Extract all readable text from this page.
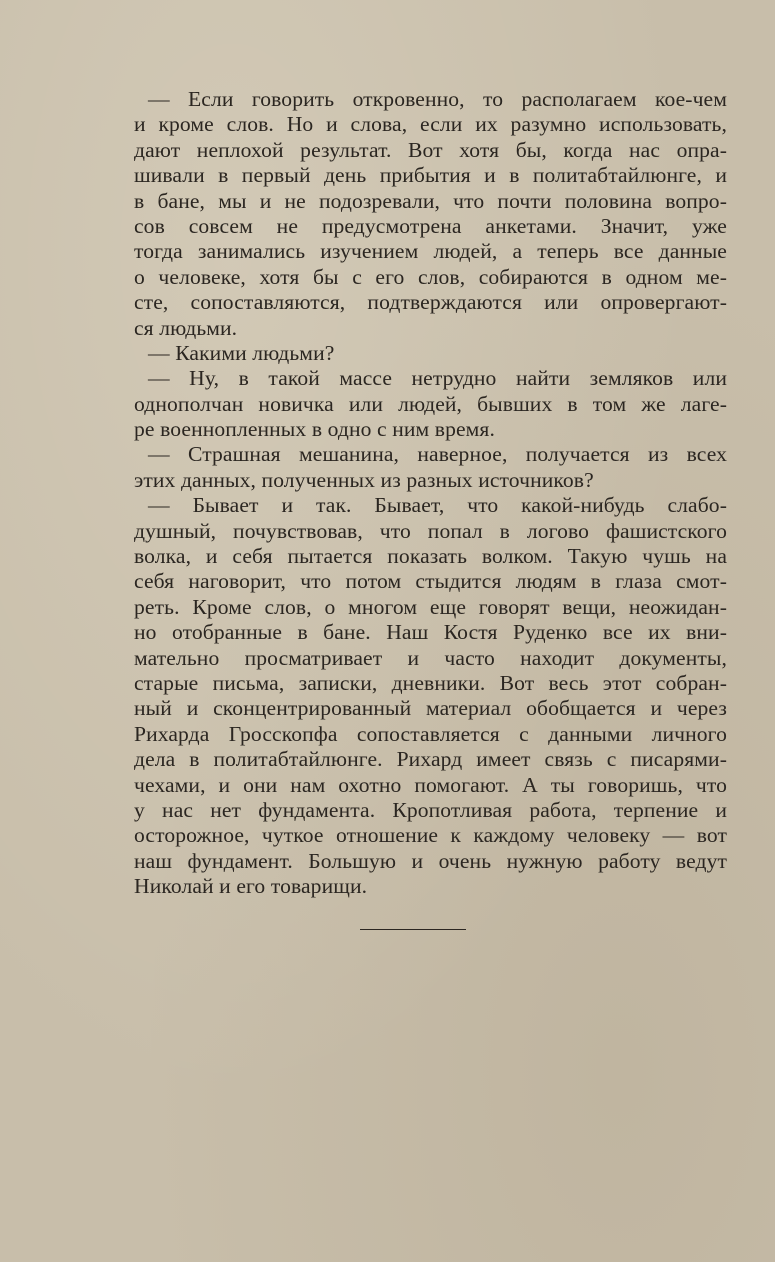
— Если говорить откровенно, то располагаем кое-чем
и кроме слов. Но и слова, если их разумно использовать,
дают неплохой результат. Вот хотя бы, когда нас опра-
шивали в первый день прибытия и в политабтайлюнге, и
в бане, мы и не подозревали, что почти половина вопро-
сов совсем не предусмотрена анкетами. Значит, уже
тогда занимались изучением людей, а теперь все данные
о человеке, хотя бы с его слов, собираются в одном ме-
сте, сопоставляются, подтверждаются или опровергают-
ся людьми.
— Какими людьми?
— Ну, в такой массе нетрудно найти земляков или
однополчан новичка или людей, бывших в том же лаге-
ре военнопленных в одно с ним время.
— Страшная мешанина, наверное, получается из всех
этих данных, полученных из разных источников?
— Бывает и так. Бывает, что какой-нибудь слабо-
душный, почувствовав, что попал в логово фашистского
волка, и себя пытается показать волком. Такую чушь на
себя наговорит, что потом стыдится людям в глаза смот-
реть. Кроме слов, о многом еще говорят вещи, неожидан-
но отобранные в бане. Наш Костя Руденко все их вни-
мательно просматривает и часто находит документы,
старые письма, записки, дневники. Вот весь этот собран-
ный и сконцентрированный материал обобщается и через
Рихарда Гросскопфа сопоставляется с данными личного
дела в политабтайлюнге. Рихард имеет связь с писарями-
чехами, и они нам охотно помогают. А ты говоришь, что
у нас нет фундамента. Кропотливая работа, терпение и
осторожное, чуткое отношение к каждому человеку — вот
наш фундамент. Большую и очень нужную работу ведут
Николай и его товарищи.
